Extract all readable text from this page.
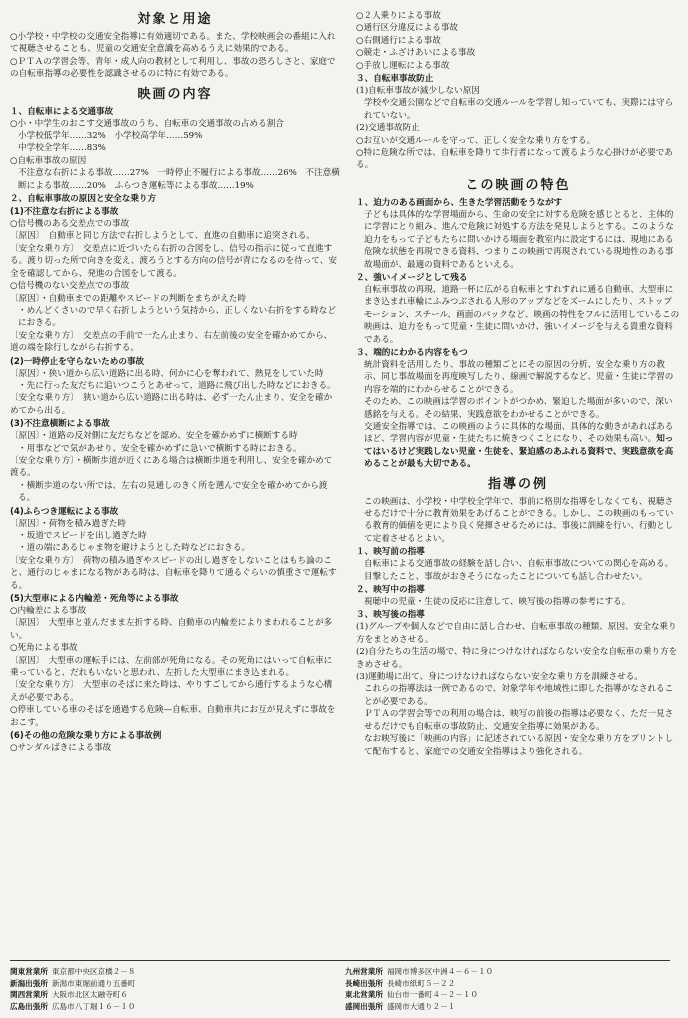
対象と用途

○小学校・中学校の交通安全指導に有効適切である。また、学校映画会の番組に入れて視聴させることも、児童の交通安全意識を高めるうえに効果的である。

○ＰＴＡの学習会等、青年・成人向の教材として利用し、事故の恐ろしさと、家庭での自転車指導の必要性を認識させるのに特に有効である。

映画の内容
１、自転車による交通事故

○小・中学生のおこす交通事故のうち、自転車の交通事故の占める割合

小学校低学年……32%　小学校高学年……59%

中学校全学年……83%

○自転車事故の原因

不注意な右折による事故……27%　一時停止不履行による事故……26%　不注意横断による事故……20%　ふらつき運転等による事故……19%

２、自転車事故の原因と安全な乗り方
(1)不注意な右折による事故

○信号機のある交差点での事故

〔原因〕　自動車と同じ方法で右折しようとして、直進の自動車に追突される。

〔安全な乗り方〕　交差点に近づいたら右折の合図をし、信号の指示に従って直進する。渡り切った所で向きを変え、渡ろうとする方向の信号が青になるのを待って、安全を確認してから、発進の合図をして渡る。

○信号機のない交差点での事故

〔原因〕・自動車までの距離やスピードの判断をまちがえた時

・めんどくさいので早く右折しようという気持から、正しくない右折をする時などにおきる。

〔安全な乗り方〕　交差点の手前で一たん止まり、右左前後の安全を確かめてから、道の端を除行しながら右折する。

(2)一時停止を守らないための事故

〔原因〕・狭い道から広い道路に出る時、何かに心を奪われて、熱見をしていた時

・先に行った友だちに追いつこうとあせって、道路に飛び出した時などにおきる。

〔安全な乗り方〕　狭い道から広い道路に出る時は、必ず一たん止まり、安全を確かめてから出る。

(3)不注意横断による事故

〔原因〕・道路の反対側に友だちなどを認め、安全を確かめずに横断する時

・用事などで気があせり、安全を確かめずに急いで横断する時におきる。

〔安全な乗り方〕・横断歩道が近くにある場合は横断歩道を利用し、安全を確かめて渡る。

・横断歩道のない所では、左右の見通しのきく所を選んで安全を確かめてから渡る。

(4)ふらつき運転による事故

〔原因〕・荷物を積み過ぎた時

・坂道でスピードを出し過ぎた時

・道の端にあるじゃま物を避けようとした時などにおきる。

〔安全な乗り方〕　荷物の積み過ぎやスピードの出し過ぎをしないことはもち論のこと、通行のじゃまになる物がある時は、自転車を降りて通るぐらいの慎重さで運転する。

(5)大型車による内輪差・死角等による事故

○内輪差による事故

〔原因〕　大型車と並んだまま左折する時、自動車の内輪差によりまわれることが多い。

○死角による事故

〔原因〕　大型車の運転手には、左前部が死角になる。その死角にはいって自転車に乗っていると、だれもいないと思われ、左折した大型車にまき込まれる。

〔安全な乗り方〕　大型車のそばに来た時は、やりすごしてから通行するような心構えが必要である。

○停車している車のそばを通過する危険—自転車、自動車共にお互が見えずに事故をおこす。

(6)その他の危険な乗り方による事故例

○サンダルばきによる事故

○２人乗りによる事故

○通行区分違反による事故

○右側通行による事故

○競走・ふざけあいによる事故

○手放し運転による事故

３、自転車事故防止

(1)自転車事故が減少しない原因

学校や交通公園などで自転車の交通ルールを学習し知っていても、実際には守られていない。

(2)交通事故防止

○お互いが交通ルールを守って、正しく安全な乗り方をする。

○特に危険な所では、自転車を降りて歩行者になって渡るような心掛けが必要である。

この映画の特色
１、迫力のある画面から、生きた学習活動をうながす

子どもは具体的な学習場面から、生命の安全に対する危険を感じとると、主体的に学習にとり組み、進んで危険に対処する方法を発見しようとする。このような迫力をもって子どもたちに問いかける場面を教室内に設定するには、現地にある危険な状態を再現できる資料、つまりこの映画で再現されている現地性のある事故場面が、最適の資料であるといえる。

２、強いイメージとして残る

自転車事故の再現、道路一杯に広がる自転車とすれすれに通る自動車、大型車にまき込まれ車輪にふみつぶされる人形のアップなどをズームにしたり、ストップモーション、スチール、画面のバックなど、映画の特性をフルに活用しているこの映画は、迫力をもって児童・生徒に問いかけ、強いイメージを与える貴重な資料である。

３、端的にわかる内容をもつ

統計資料を活用したり、事故の種類ごとにその原因の分析、安全な乗り方の教示、同じ事故場面を再度映写したり、線画で解説するなど、児童・生徒に学習の内容を端的にわからせることができる。

そのため、この映画は学習のポイントがつかめ、緊迫した場面が多いので、深い感銘を与える。その結果、実践意欲をわかせることができる。

交通安全指導では、この映画のように具体的な場面、具体的な動きがあればあるほど、学習内容が児童・生徒たちに焼きつくことになり、その効果も高い。知ってはいるけど実践しない児童・生徒を、緊迫感のあふれる資料で、実践意欲を高めることが最も大切である。

指導の例

この映画は、小学校・中学校全学年で、事前に格別な指導をしなくても、視聴させるだけで十分に教育効果をあげることができる。しかし、この映画のもっている教育的価値を更により良く発揮させるためには、事後に訓練を行い、行動として定着させるとよい。

１、映写前の指導

自転車による交通事故の経験を話し合い、自転車事故についての関心を高める。目撃したこと、事故がおきそうになったことについても話し合わせたい。

２、映写中の指導

視聴中の児童・生徒の反応に注意して、映写後の指導の参考にする。

３、映写後の指導

(1)グループや個人などで自由に話し合わせ、自転車事故の種類、原因、安全な乗り方をまとめさせる。

(2)自分たちの生活の場で、特に身につけなければならない安全な自転車の乗り方をきめさせる。

(3)運動場に出て、身につけなければならない安全な乗り方を訓練させる。

これらの指導法は一例であるので、対象学年や地域性に即した指導がなされることが必要である。

ＰＴＡの学習会等での利用の場合は、映写の前後の指導は必要なく、ただ一見させるだけでも自転車の事故防止、交通安全指導に効果がある。

なお映写後に「映画の内容」に記述されている原因・安全な乗り方をプリントして配布すると、家庭での交通安全指導はより強化される。

関東営業所 東京都中央区京橋２－８	九州営業所 福岡市博多区中洲４－６－１０
新潟出張所 新潟市東堀前通り五番町	長崎出張所 長崎市紙町５－２２
関西営業所 大阪市北区太融寺町６	東北営業所 仙台市一番町４－２－１０
広島出張所 広島市八丁堀１６－１０	盛岡出張所 盛岡市大通り２－１
